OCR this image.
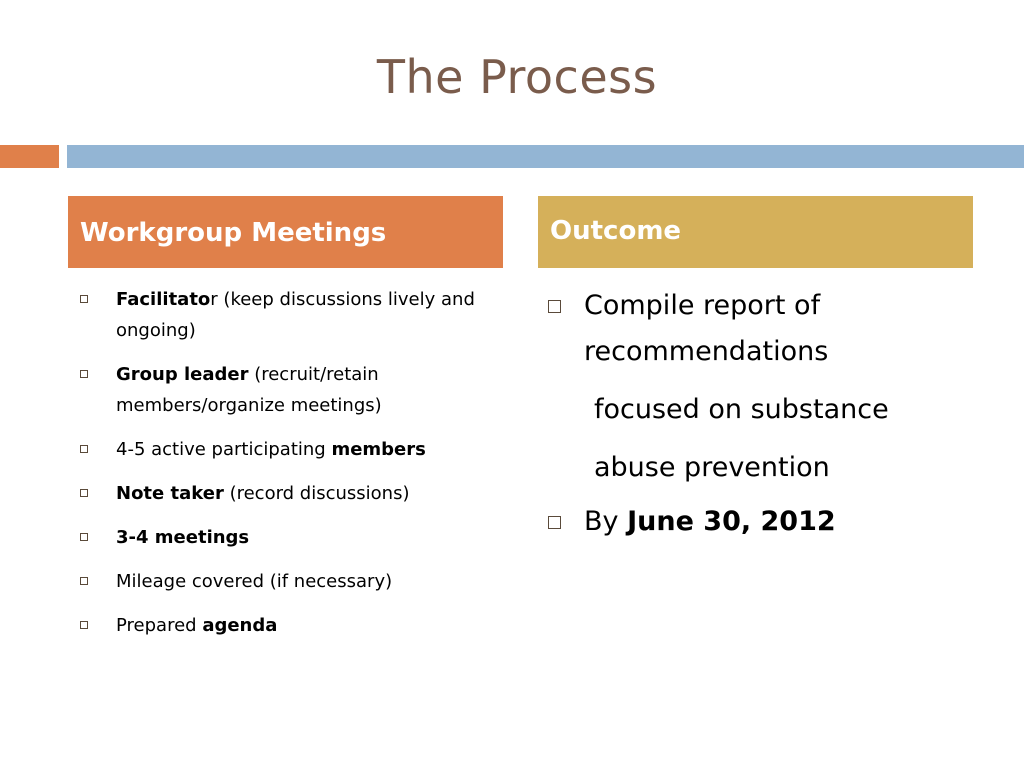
The Process
Workgroup Meetings	Outcome
Facilitator (keep discussions lively and ongoing)
Group leader (recruit/retain members/organize meetings)
4-5 active participating members
Note taker (record discussions)
3-4 meetings
Mileage covered (if necessary)
Prepared agenda
Compile report of recommendations
focused on substance
abuse prevention
By June 30, 2012
